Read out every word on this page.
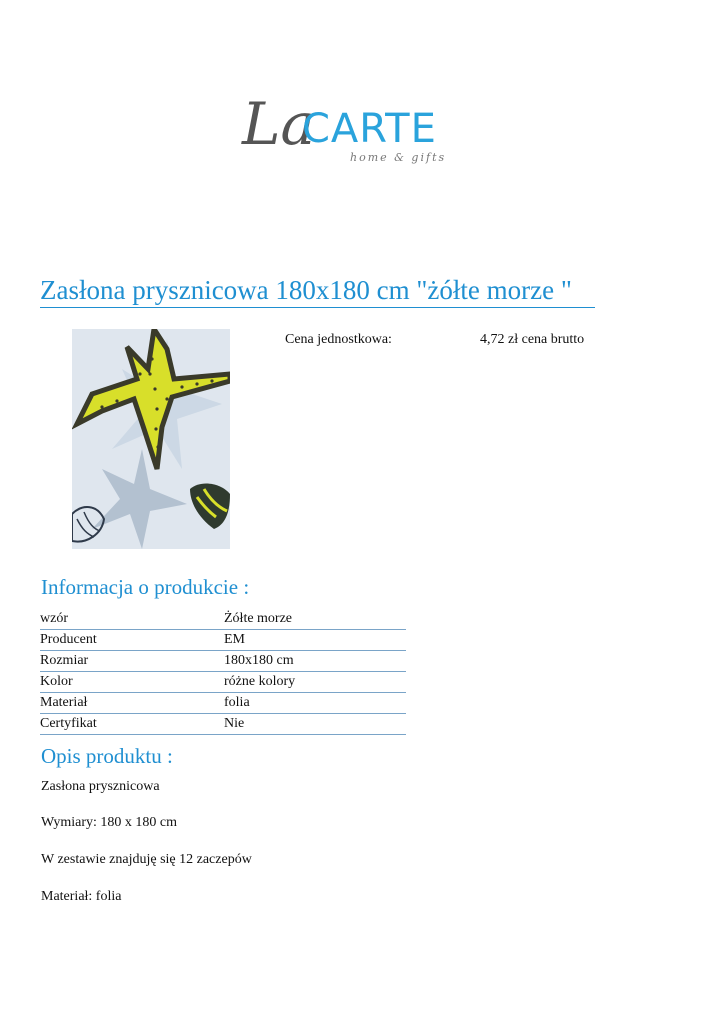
La
CARTE
home & gifts
Zasłona prysznicowa 180x180 cm "żółte morze "
Cena jednostkowa:	4,72 zł cena brutto
Informacja o produkcie :
wzór	Żółte morze
Producent	EM
Rozmiar	180x180 cm
Kolor	różne kolory
Materiał	folia
Certyfikat	Nie
Opis produktu :
Zasłona prysznicowa
Wymiary: 180 x 180 cm
W zestawie znajduję się 12 zaczepów
Materiał: folia
